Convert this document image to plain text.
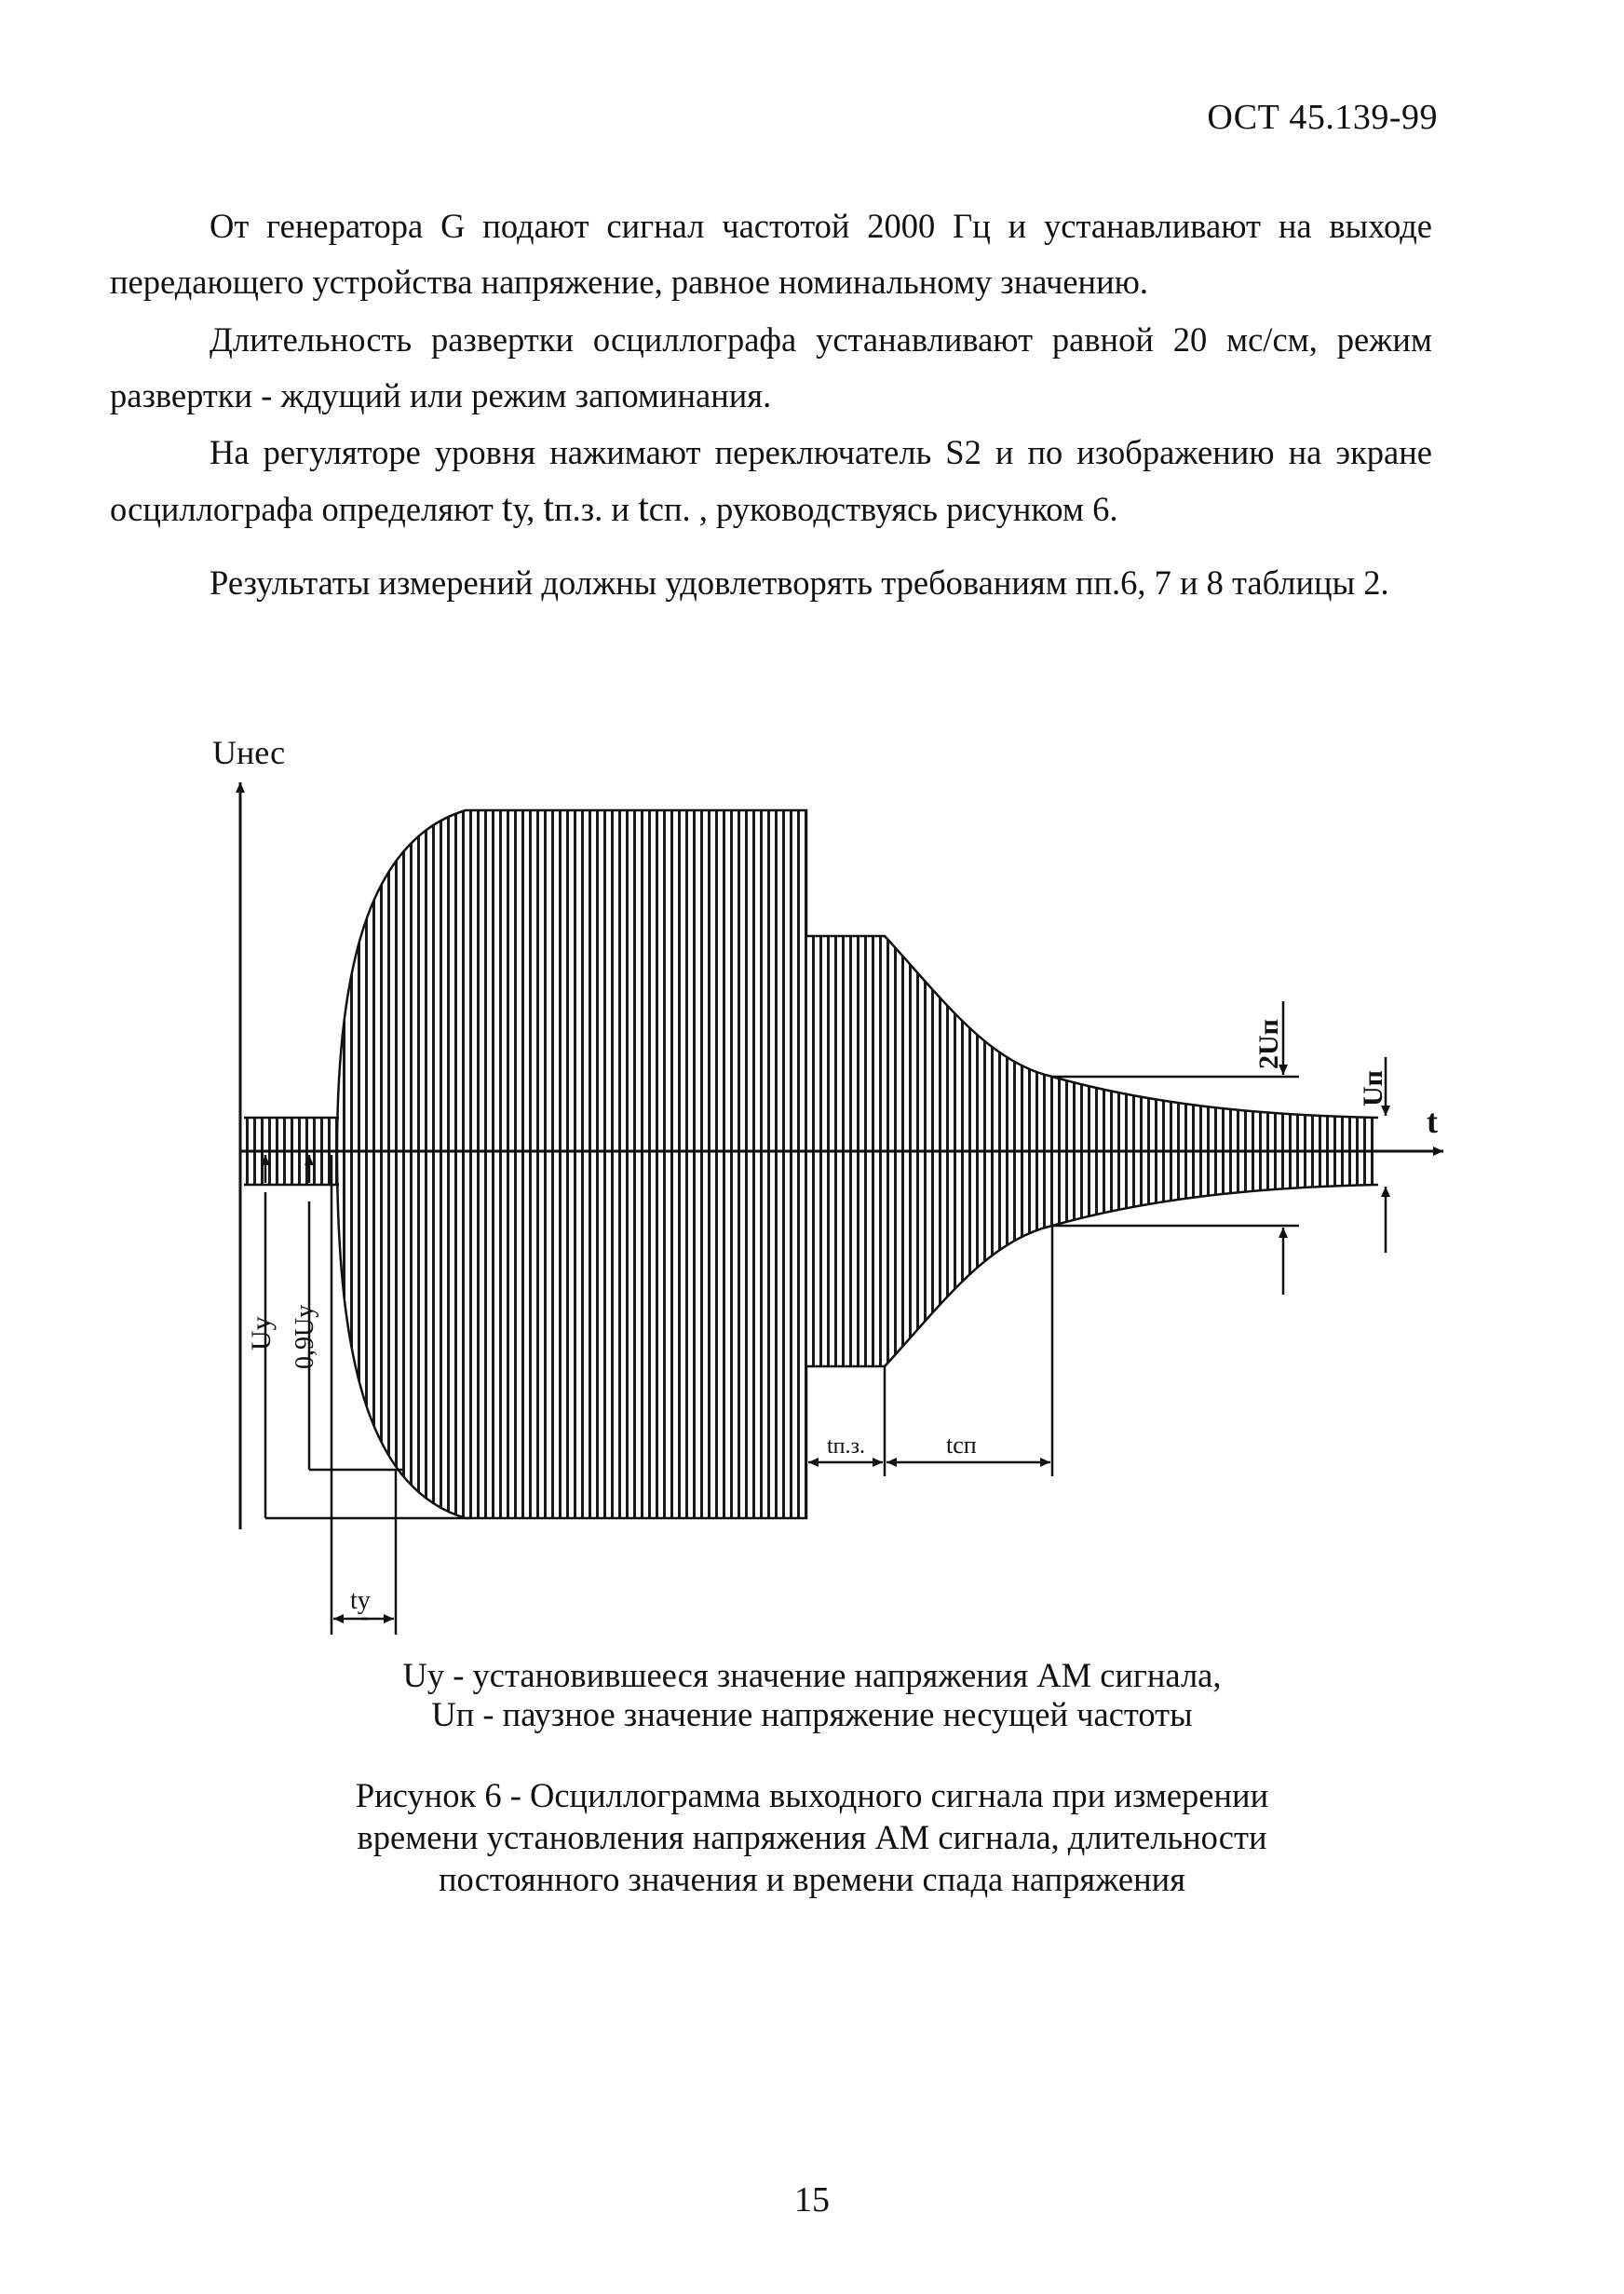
ОСТ 45.139-99

От генератора G подают сигнал частотой 2000 Гц и устанавливают на выходе передающего устройства напряжение, равное номинальному значению.

Длительность развертки осциллографа устанавливают равной 20 мс/см, режим развертки - ждущий или режим запоминания.

На регуляторе уровня нажимают переключатель S2 и по изображению на экране осциллографа определяют tу, tп.з. и tсп. , руководствуясь рисунком 6.

Результаты измерений должны удовлетворять требованиям пп.6, 7 и 8 таблицы 2.

Uнес
t
Uy 0,9Uy
ty
tп.з.	tсп
2Uп
Uп
Uy - установившееся значение напряжения АМ сигнала,
Uп - паузное значение напряжение несущей частоты
Рисунок 6 - Осциллограмма выходного сигнала при измерении
времени установления напряжения АМ сигнала, длительности
постоянного значения и времени спада напряжения
15
